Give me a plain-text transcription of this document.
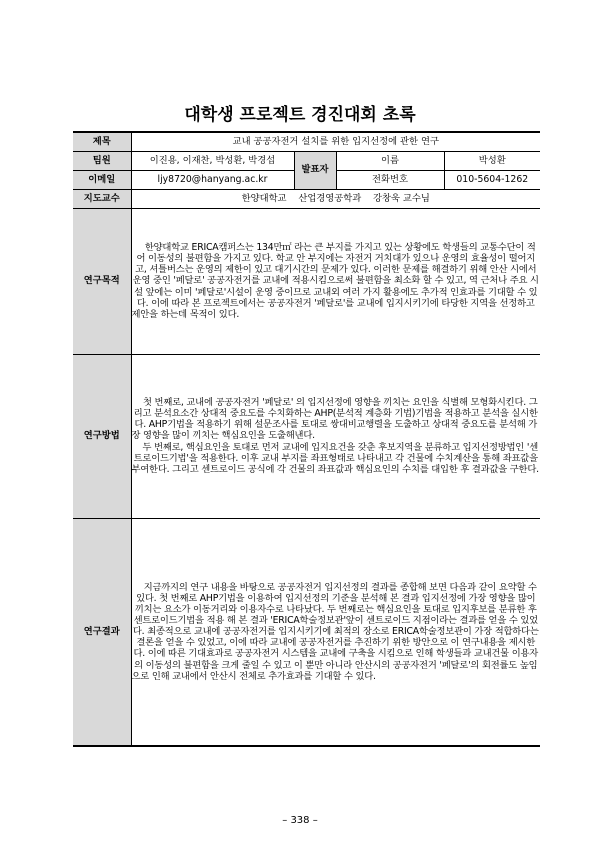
대학생 프로젝트 경진대회 초록
제목	교내 공공자전거 설치를 위한 입지선정에 관한 연구			
팀원	이진용, 이재찬, 박성환, 박경섭	발표자	이름	박성환
이메일	ljy8720@hanyang.ac.kr		전화번호	010-5604-1262
지도교수	한양대학교    산업경영공학과    강창욱 교수님			
연구목적	한양대학교 ERICA캠퍼스는 134만㎡ 라는 큰 부지를 가지고 있는 상황에도 학생들의 교통수단이 적어 이동성의 불편함을 가지고 있다. 학교 안 부지에는 자전거 거치대가 있으나 운영의 효율성이 떨어지고, 셔틀버스는 운영의 제한이 있고 대기시간의 문제가 있다. 이러한 문제를 해결하기 위해 안산 시에서 운영 중인 '페달로' 공공자전거를 교내에 적용시킴으로써 불편함을 최소화 할 수 있고, 역 근처나 주요 시설 앞에는 이미 '페달로'시설이 운영 중이므로 교내외 여러 가지 활용에도 추가적 인효과를 기대할 수 있다. 이에 따라 본 프로젝트에서는 공공자전거 '페달로'를 교내에 입지시키기에 타당한 지역을 선정하고 제안을 하는데 목적이 있다.			

연구방법	첫 번째로, 교내에 공공자전거 '페달로' 의 입지선정에 영향을 끼치는 요인을 식별해 모형화시킨다. 그리고 분석요소간 상대적 중요도를 수치화하는 AHP(분석적 계층화 기법)기법을 적용하고 분석을 실시한다. AHP기법을 적용하기 위해 설문조사를 토대로 쌍대비교행렬을 도출하고 상대적 중요도를 분석해 가장 영향을 많이 끼치는 핵심요인을 도출해낸다.

두 번째로, 핵심요인을 토대로 먼저 교내에 입지요건을 갖춘 후보지역을 분류하고 입지선정방법인 '센트로이드기법'을 적용한다. 이후 교내 부지를 좌표형태로 나타내고 각 건물에 수치계산을 통해 좌표값을 부여한다. 그리고 센트로이드 공식에 각 건물의 좌표값과 핵심요인의 수치를 대입한 후 결과값을 구한다.			

연구결과	지금까지의 연구 내용을 바탕으로 공공자전거 입지선정의 결과를 종합해 보면 다음과 같이 요약할 수 있다. 첫 번째로 AHP기법을 이용하여 입지선정의 기준을 분석해 본 결과 입지선정에 가장 영향을 많이 끼치는 요소가 이동거리와 이용자수로 나타났다. 두 번째로는 핵심요인을 토대로 입지후보를 분류한 후 센트로이드기법을 적용 해 본 결과 'ERICA학술정보관'앞이 센트로이드 지점이라는 결과를 얻을 수 있었다. 최종적으로 교내에 공공자전거를 입지시키기에 최적의 장소로 ERICA학술정보관이 가장 적합하다는 결론을 얻을 수 있었고, 이에 따라 교내에 공공자전거를 추진하기 위한 방안으로 이 연구내용을 제시한다. 이에 따른 기대효과로 공공자전거 시스템을 교내에 구축을 시킴으로 인해 학생들과 교내건물 이용자의 이동성의 불편함을 크게 줄일 수 있고 이 뿐만 아니라 안산시의 공공자전거 '페달로'의 회전률도 높임으로 인해 교내에서 안산시 전체로 추가효과를 기대할 수 있다.			

– 338 –
